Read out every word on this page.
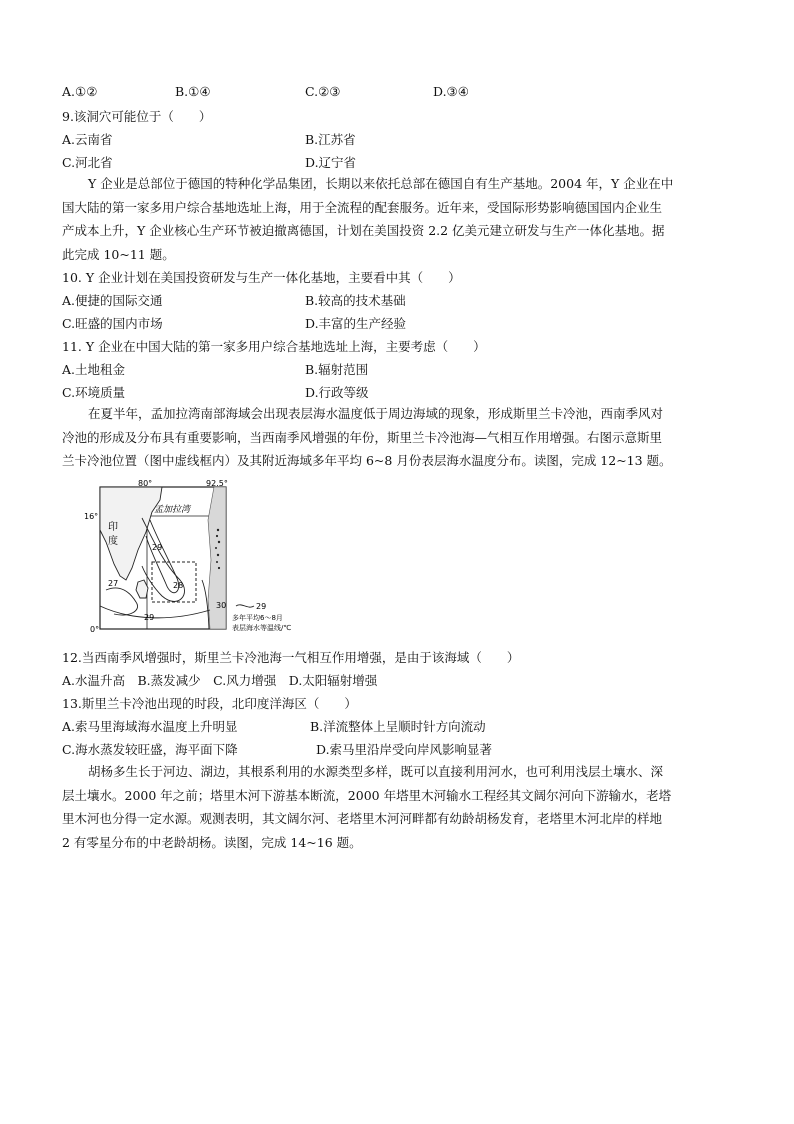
A.①②	B.①④	C.②③	D.③④
9.该洞穴可能位于（　　）
A.云南省	B.江苏省
C.河北省	D.辽宁省
Y 企业是总部位于德国的特种化学品集团，长期以来依托总部在德国自有生产基地。2004 年，Y 企业在中
国大陆的第一家多用户综合基地选址上海，用于全流程的配套服务。近年来，受国际形势影响德国国内企业生
产成本上升，Y 企业核心生产环节被迫撤离德国，计划在美国投资 2.2 亿美元建立研发与生产一体化基地。据
此完成 10~11 题。
10. Y 企业计划在美国投资研发与生产一体化基地，主要看中其（　　）
A.便捷的国际交通	B.较高的技术基础
C.旺盛的国内市场	D.丰富的生产经验
11. Y 企业在中国大陆的第一家多用户综合基地选址上海，主要考虑（　　）
A.土地租金	B.辐射范围
C.环境质量	D.行政等级
在夏半年，孟加拉湾南部海域会出现表层海水温度低于周边海域的现象，形成斯里兰卡冷池，西南季风对
冷池的形成及分布具有重要影响，当西南季风增强的年份，斯里兰卡冷池海—气相互作用增强。右图示意斯里
兰卡冷池位置（图中虚线框内）及其附近海域多年平均 6~8 月份表层海水温度分布。读图，完成 12~13 题。
80°	92.5°
16°
0°
印
度
孟加拉湾
29
28
27
29
30	29
多年平均6～8月
表层海水等温线/℃
12.当西南季风增强时，斯里兰卡冷池海一气相互作用增强，是由于该海域（　　）
A.水温升高　B.蒸发减少　C.风力增强　D.太阳辐射增强
13.斯里兰卡冷池出现的时段，北印度洋海区（　　）
A.索马里海域海水温度上升明显	B.洋流整体上呈顺时针方向流动
C.海水蒸发较旺盛，海平面下降	D.索马里沿岸受向岸风影响显著
胡杨多生长于河边、湖边，其根系利用的水源类型多样，既可以直接利用河水，也可利用浅层土壤水、深
层土壤水。2000 年之前；塔里木河下游基本断流，2000 年塔里木河输水工程经其文阔尔河向下游输水，老塔
里木河也分得一定水源。观测表明，其文阔尔河、老塔里木河河畔都有幼龄胡杨发育，老塔里木河北岸的样地
2 有零星分布的中老龄胡杨。读图，完成 14~16 题。
